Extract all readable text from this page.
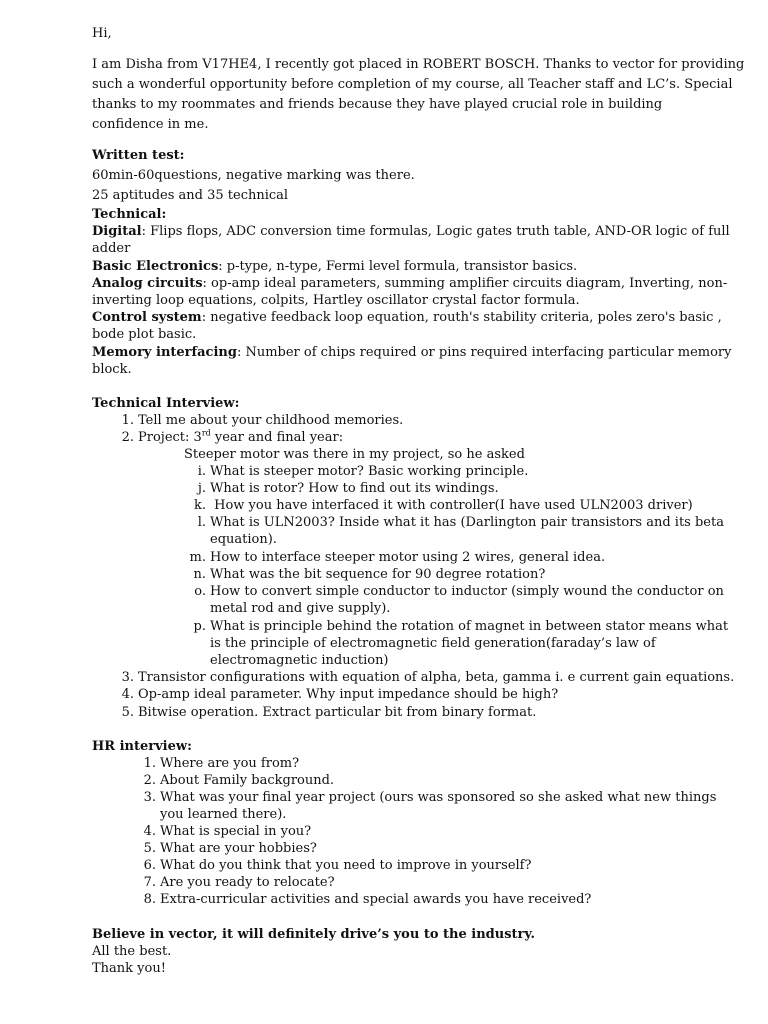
Hi,
I am Disha from V17HE4, I recently got placed in ROBERT BOSCH. Thanks to vector for providing
such a wonderful opportunity before completion of my course, all Teacher staff and LC’s. Special
thanks to my roommates and friends because they have played crucial role in building
confidence in me.
Written test:
60min-60questions, negative marking was there.
25 aptitudes and 35 technical
Technical:
Digital: Flips flops, ADC conversion time formulas, Logic gates truth table, AND-OR logic of full
adder
Basic Electronics: p-type, n-type, Fermi level formula, transistor basics.
Analog circuits: op-amp ideal parameters, summing amplifier circuits diagram, Inverting, non-
inverting loop equations, colpits, Hartley oscillator crystal factor formula.
Control system: negative feedback loop equation, routh's stability criteria, poles zero's basic ,
bode plot basic.
Memory interfacing: Number of chips required or pins required interfacing particular memory
block.
Technical Interview:
1. Tell me about your childhood memories.
2. Project: 3rd year and final year:
Steeper motor was there in my project, so he asked
i. What is steeper motor? Basic working principle.
j. What is rotor? How to find out its windings.
k. How you have interfaced it with controller(I have used ULN2003 driver)
l. What is ULN2003? Inside what it has (Darlington pair transistors and its beta
equation).
m. How to interface steeper motor using 2 wires, general idea.
n. What was the bit sequence for 90 degree rotation?
o. How to convert simple conductor to inductor (simply wound the conductor on
metal rod and give supply).
p. What is principle behind the rotation of magnet in between stator means what
is the principle of electromagnetic field generation(faraday’s law of
electromagnetic induction)
3. Transistor configurations with equation of alpha, beta, gamma i. e current gain equations.
4. Op-amp ideal parameter. Why input impedance should be high?
5. Bitwise operation. Extract particular bit from binary format.
HR interview:
1. Where are you from?
2. About Family background.
3. What was your final year project (ours was sponsored so she asked what new things
you learned there).
4. What is special in you?
5. What are your hobbies?
6. What do you think that you need to improve in yourself?
7. Are you ready to relocate?
8. Extra-curricular activities and special awards you have received?
Believe in vector, it will definitely drive’s you to the industry.
All the best.
Thank you!
